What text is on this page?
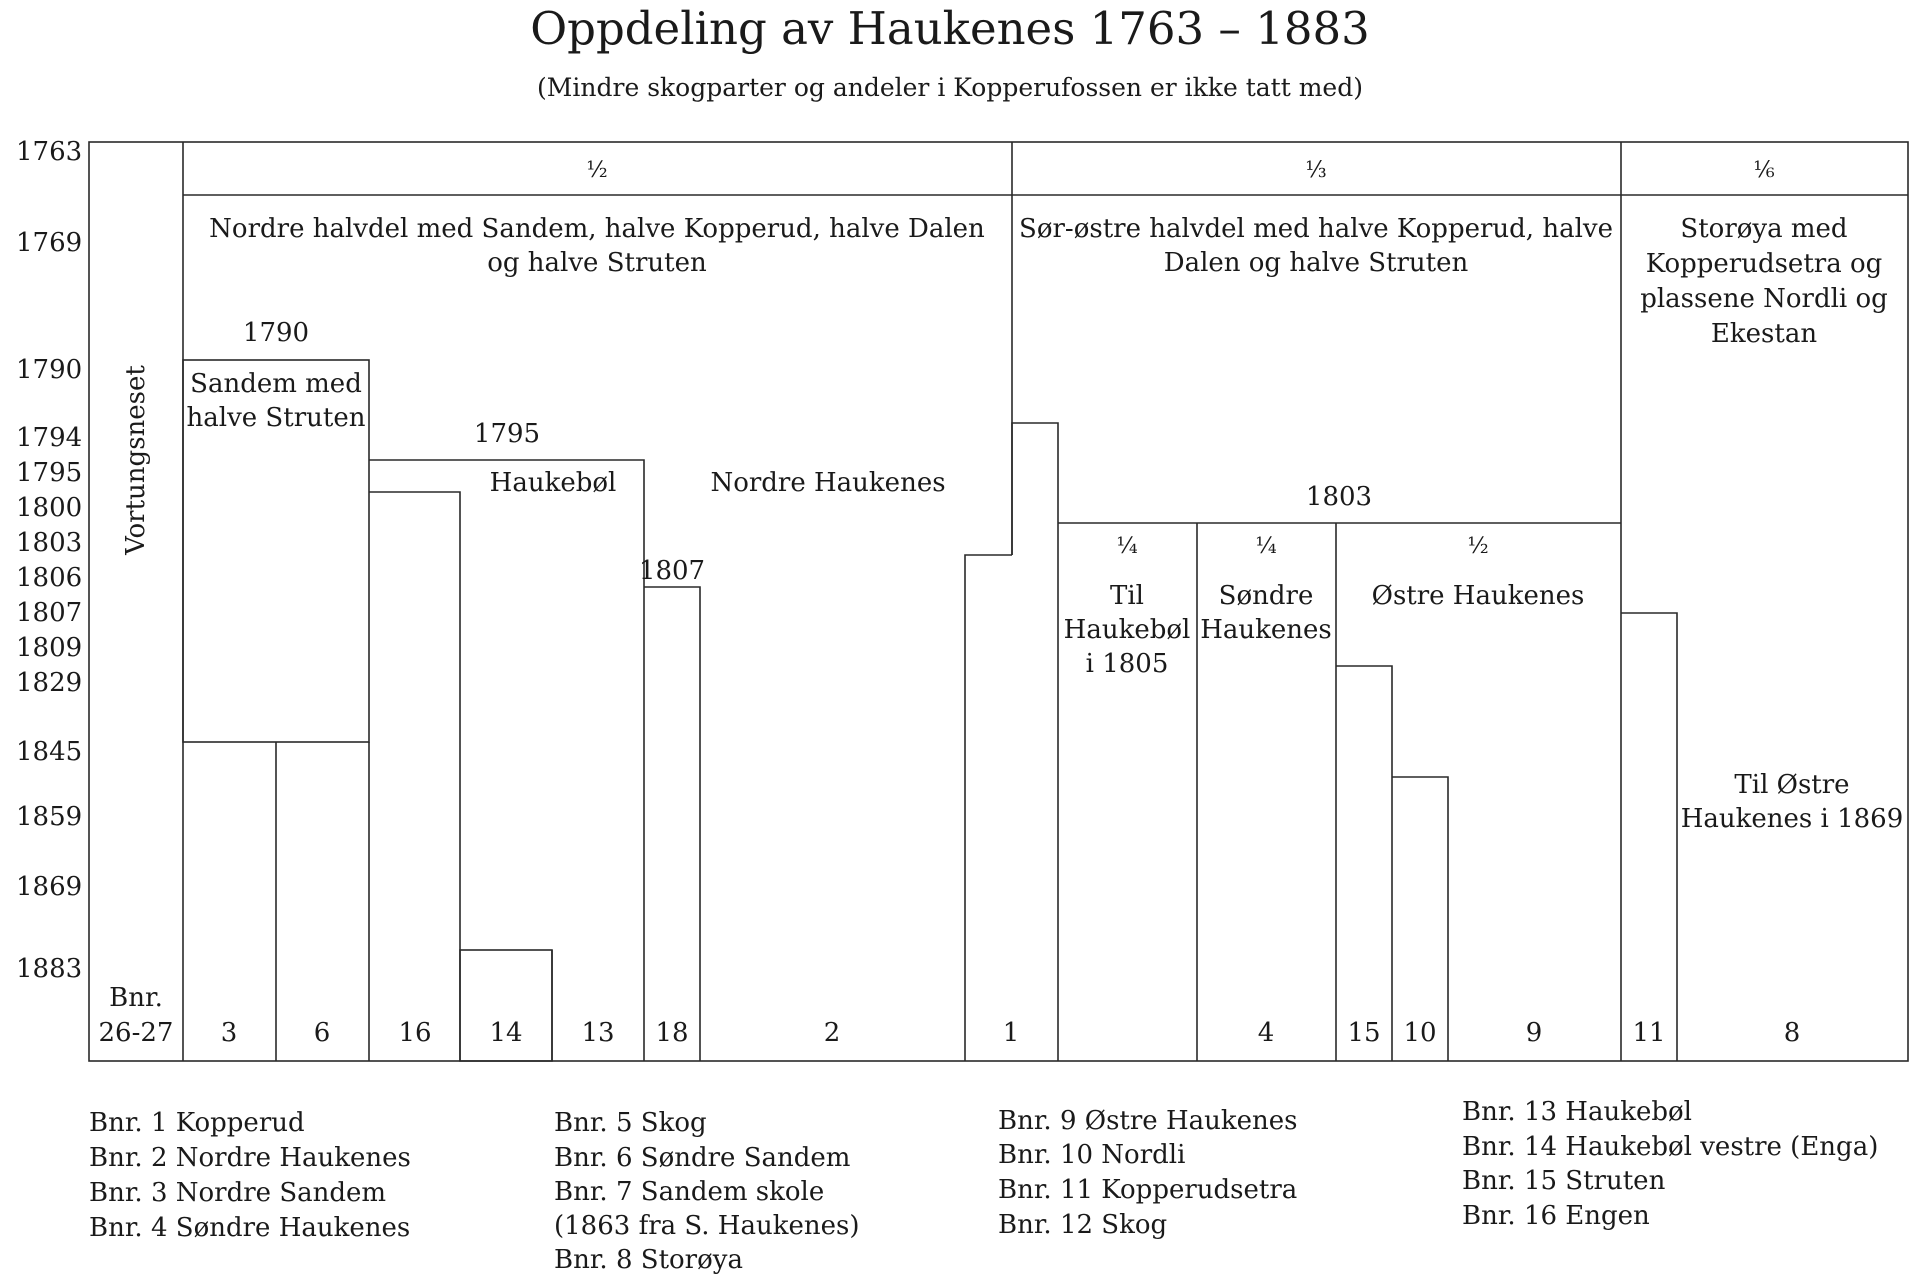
Oppdeling av Haukenes 1763 – 1883
(Mindre skogparter og andeler i Kopperufossen er ikke tatt med)
1763
1769
1790
1794
1795
1800
1803
1806
1807
1809
1829
1845
1859
1869
1883
½	⅓	⅙
Nordre halvdel med Sandem, halve Kopperud, halve Dalen
og halve Struten
Sør-østre halvdel med halve Kopperud, halve
Dalen og halve Struten
Storøya med
Kopperudsetra og
plassene Nordli og
Ekestan
Vortungsneset
1790
Sandem med
halve Struten
1795
Haukebøl	Nordre Haukenes
1807
1803
¼	¼	½
Til
Haukebøl
i 1805
Søndre
Haukenes
Østre Haukenes
Til Østre
Haukenes i 1869
Bnr.
26-27 3	6	16 14 13 18	2	1	4	15 10	9	11	8
Bnr. 1 Kopperud
Bnr. 2 Nordre Haukenes
Bnr. 3 Nordre Sandem
Bnr. 4 Søndre Haukenes
Bnr. 5 Skog
Bnr. 6 Søndre Sandem
Bnr. 7 Sandem skole
(1863 fra S. Haukenes)
Bnr. 8 Storøya
Bnr. 9 Østre Haukenes
Bnr. 10 Nordli
Bnr. 11 Kopperudsetra
Bnr. 12 Skog
Bnr. 13 Haukebøl
Bnr. 14 Haukebøl vestre (Enga)
Bnr. 15 Struten
Bnr. 16 Engen
